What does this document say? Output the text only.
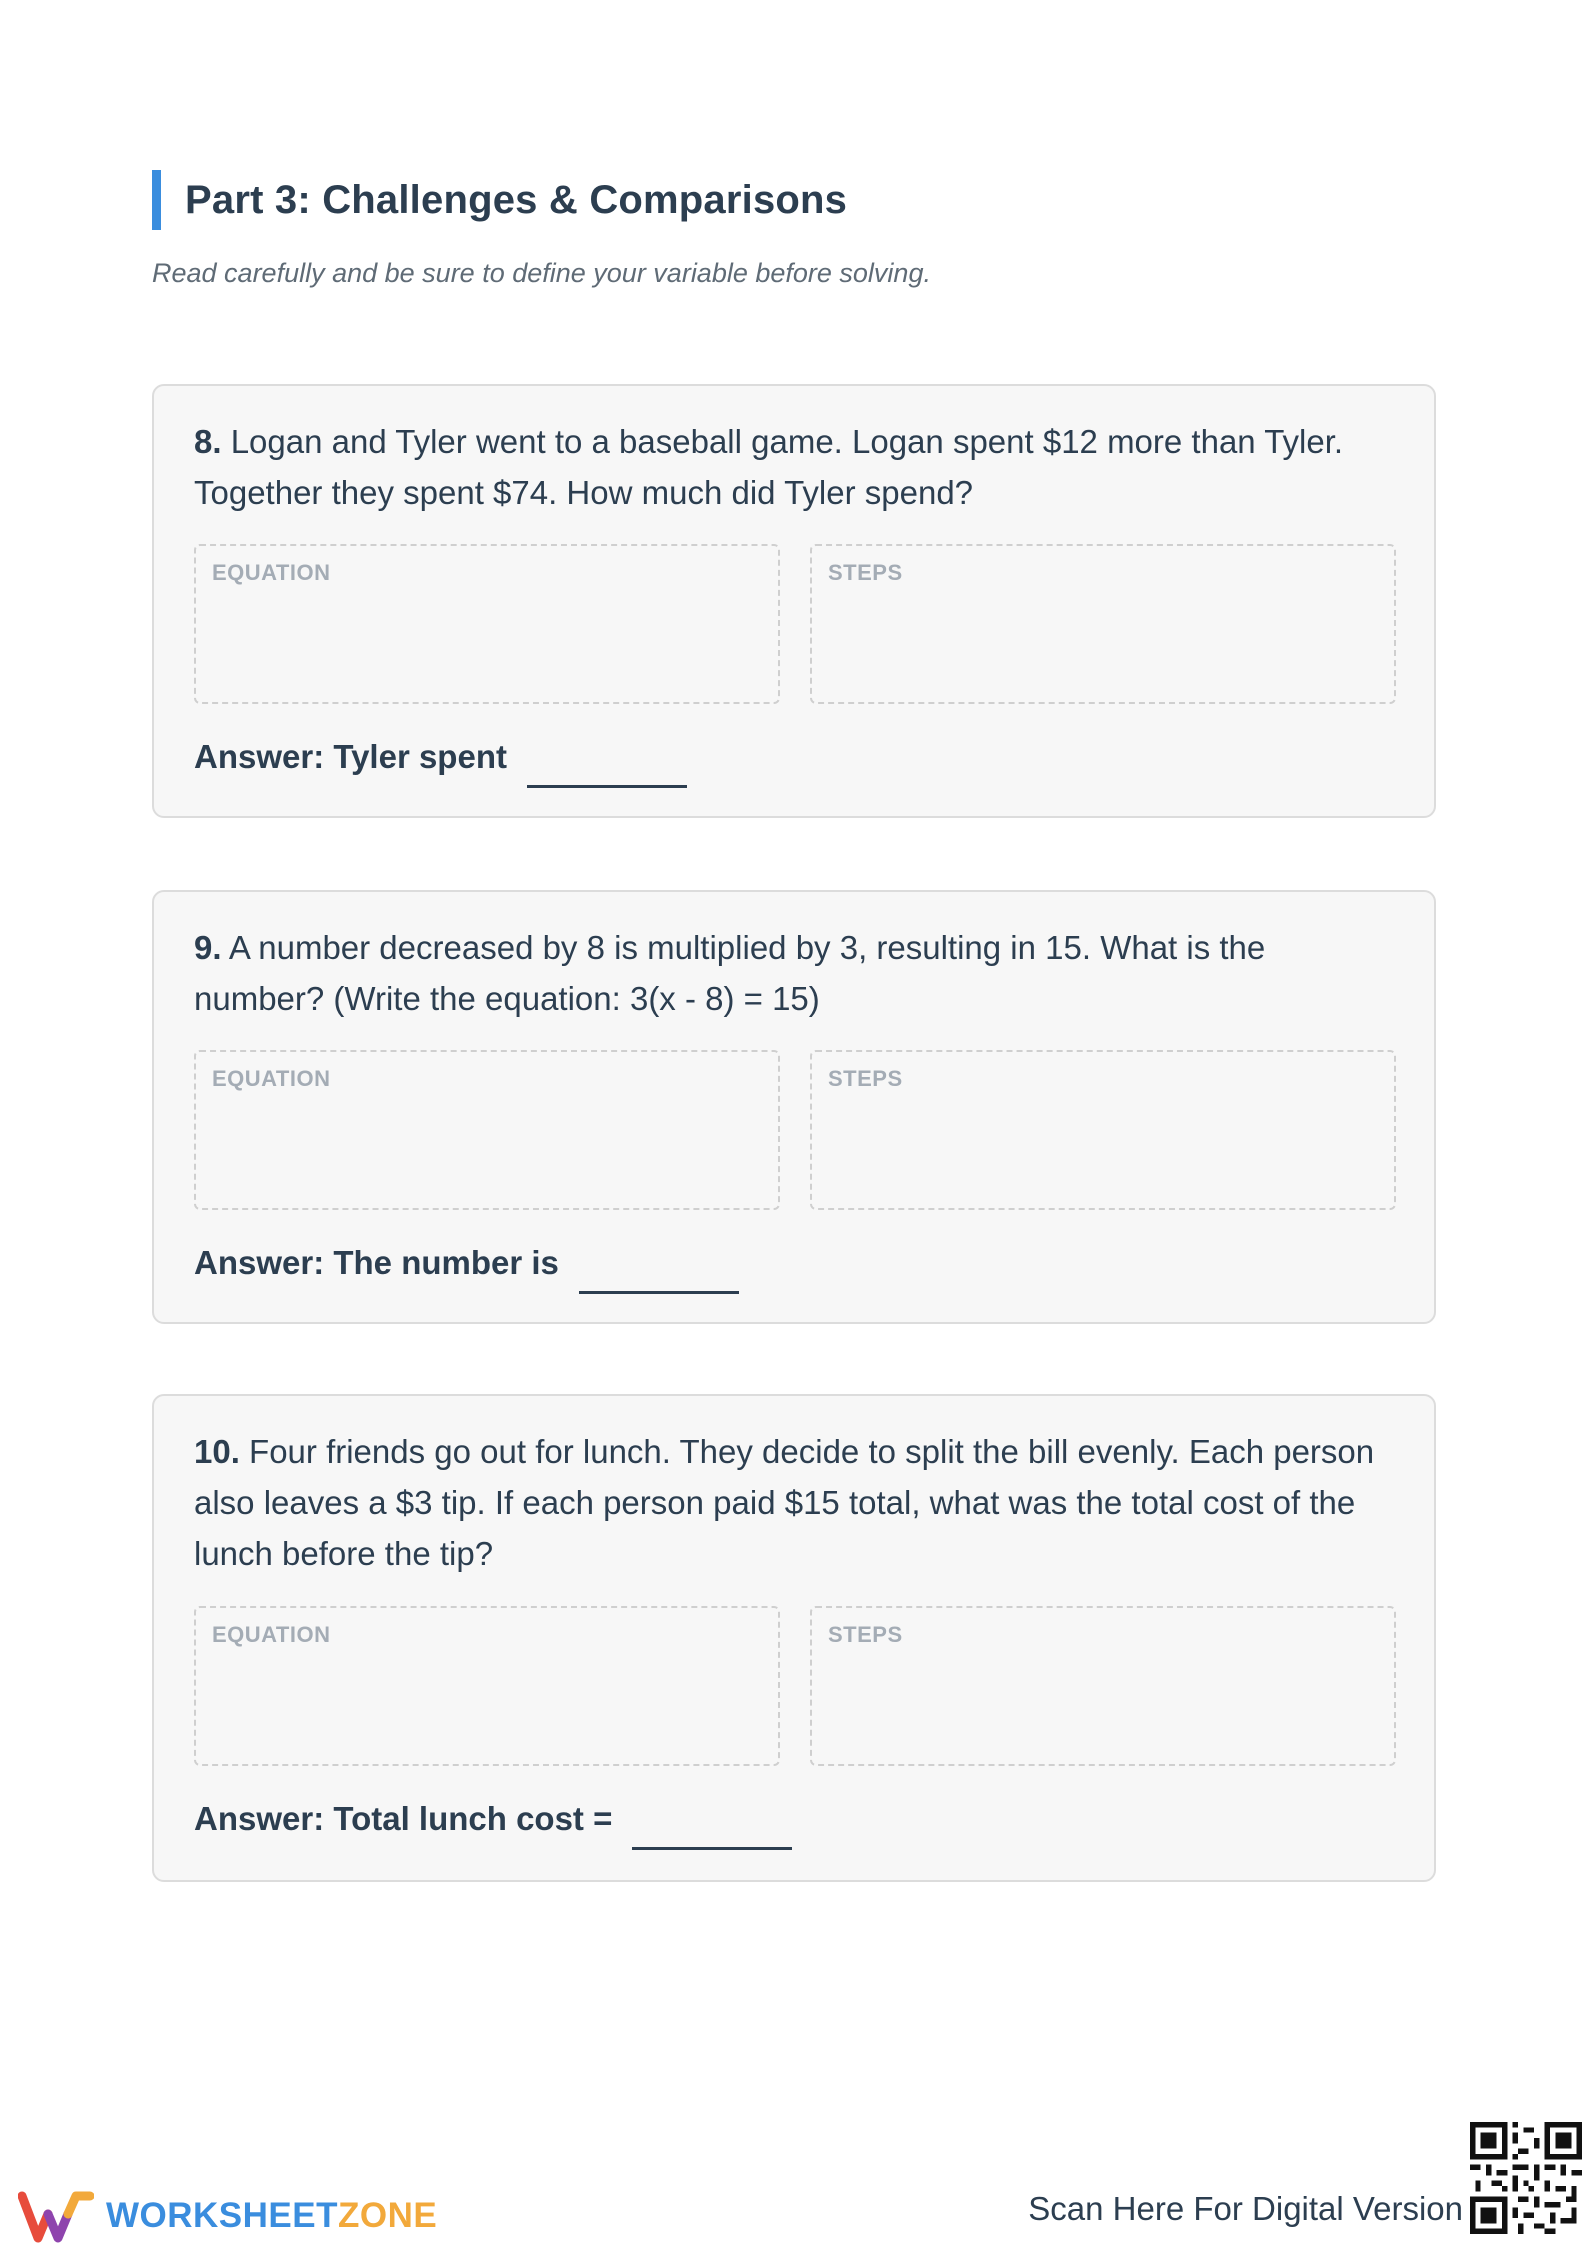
Part 3: Challenges & Comparisons
Read carefully and be sure to define your variable before solving.
8. Logan and Tyler went to a baseball game. Logan spent $12 more than Tyler. Together they spent $74. How much did Tyler spend?
EQUATION	STEPS
Answer: Tyler spent
9. A number decreased by 8 is multiplied by 3, resulting in 15. What is the number? (Write the equation: 3(x - 8) = 15)
EQUATION	STEPS
Answer: The number is
10. Four friends go out for lunch. They decide to split the bill evenly. Each person also leaves a $3 tip. If each person paid $15 total, what was the total cost of the lunch before the tip?
EQUATION	STEPS
Answer: Total lunch cost =
WORKSHEETZONE	Scan Here For Digital Version
